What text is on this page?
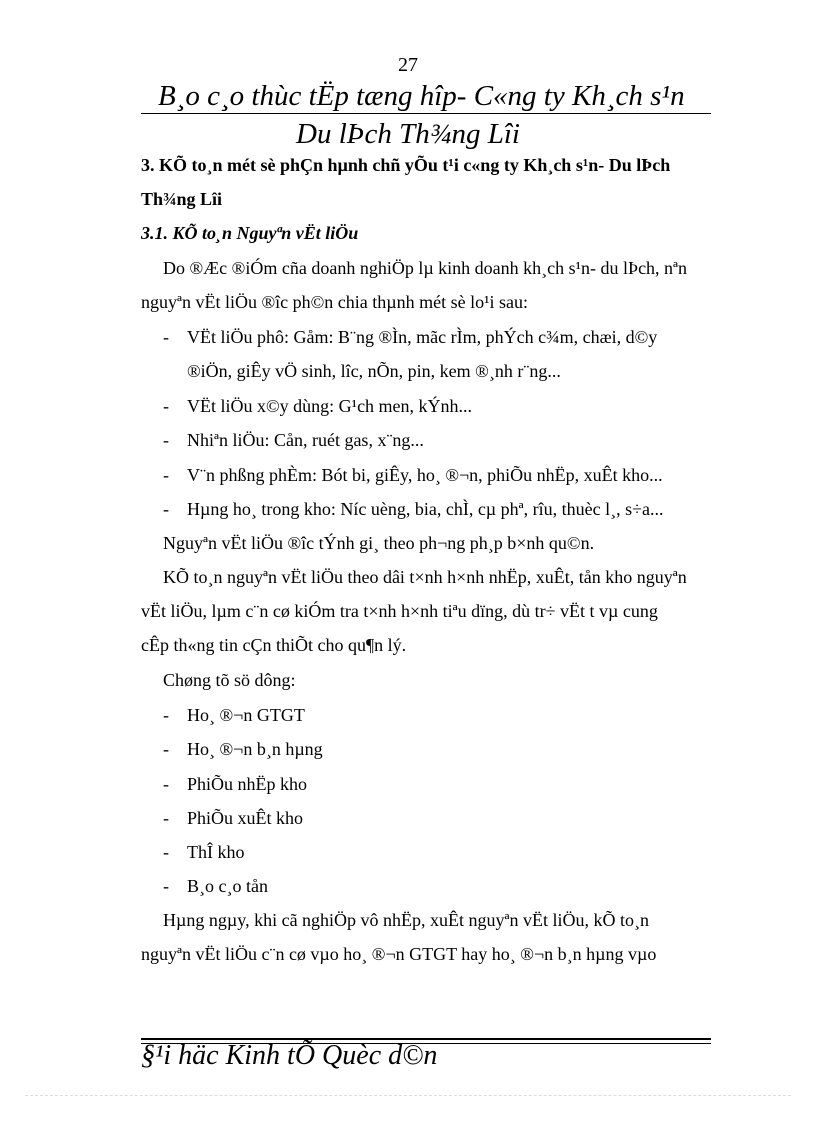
27
B¸o c¸o thùc tËp tæng hîp- C«ng ty Kh¸ch s¹n
Du lÞch Th¾ng Lîi
3. KÕ to¸n mét sè phÇn hµnh chñ yÕu t¹i c«ng ty Kh¸ch s¹n- Du lÞch
Th¾ng Lîi
3.1. KÕ to¸n Nguyªn vËt liÖu
Do ®Æc ®iÓm cña doanh nghiÖp lµ kinh doanh kh¸ch s¹n- du lÞch, nªn
nguyªn vËt liÖu ®îc ph©n chia thµnh mét sè lo¹i sau:
- VËt liÖu phô: Gåm: B¨ng ®Ìn, mãc rÌm, phÝch c¾m, chæi, d©y
®iÖn, giÊy vÖ sinh, lîc, nÕn, pin, kem ®¸nh r¨ng...
- VËt liÖu x©y dùng: G¹ch men, kÝnh...
- Nhiªn liÖu: Cån, ruét gas, x¨ng...
- V¨n phßng phÈm: Bót bi, giÊy, ho¸ ®¬n, phiÕu nhËp, xuÊt kho...
- Hµng ho¸ trong kho: Níc uèng, bia, chÌ, cµ phª, rîu, thuèc l¸, s÷a...
Nguyªn vËt liÖu ®îc tÝnh gi¸ theo ph¬ng ph¸p b×nh qu©n.
KÕ to¸n nguyªn vËt liÖu theo dâi t×nh h×nh nhËp, xuÊt, tån kho nguyªn
vËt liÖu, lµm c¨n cø kiÓm tra t×nh h×nh tiªu dïng, dù tr÷ vËt t vµ cung
cÊp th«ng tin cÇn thiÕt cho qu¶n lý.
Chøng tõ sö dông:
- Ho¸ ®¬n GTGT
- Ho¸ ®¬n b¸n hµng
- PhiÕu nhËp kho
- PhiÕu xuÊt kho
- ThÎ kho
- B¸o c¸o tån
Hµng ngµy, khi cã nghiÖp vô nhËp, xuÊt nguyªn vËt liÖu, kÕ to¸n
nguyªn vËt liÖu c¨n cø vµo ho¸ ®¬n GTGT hay ho¸ ®¬n b¸n hµng vµo
§¹i häc Kinh tÕ Quèc d©n
